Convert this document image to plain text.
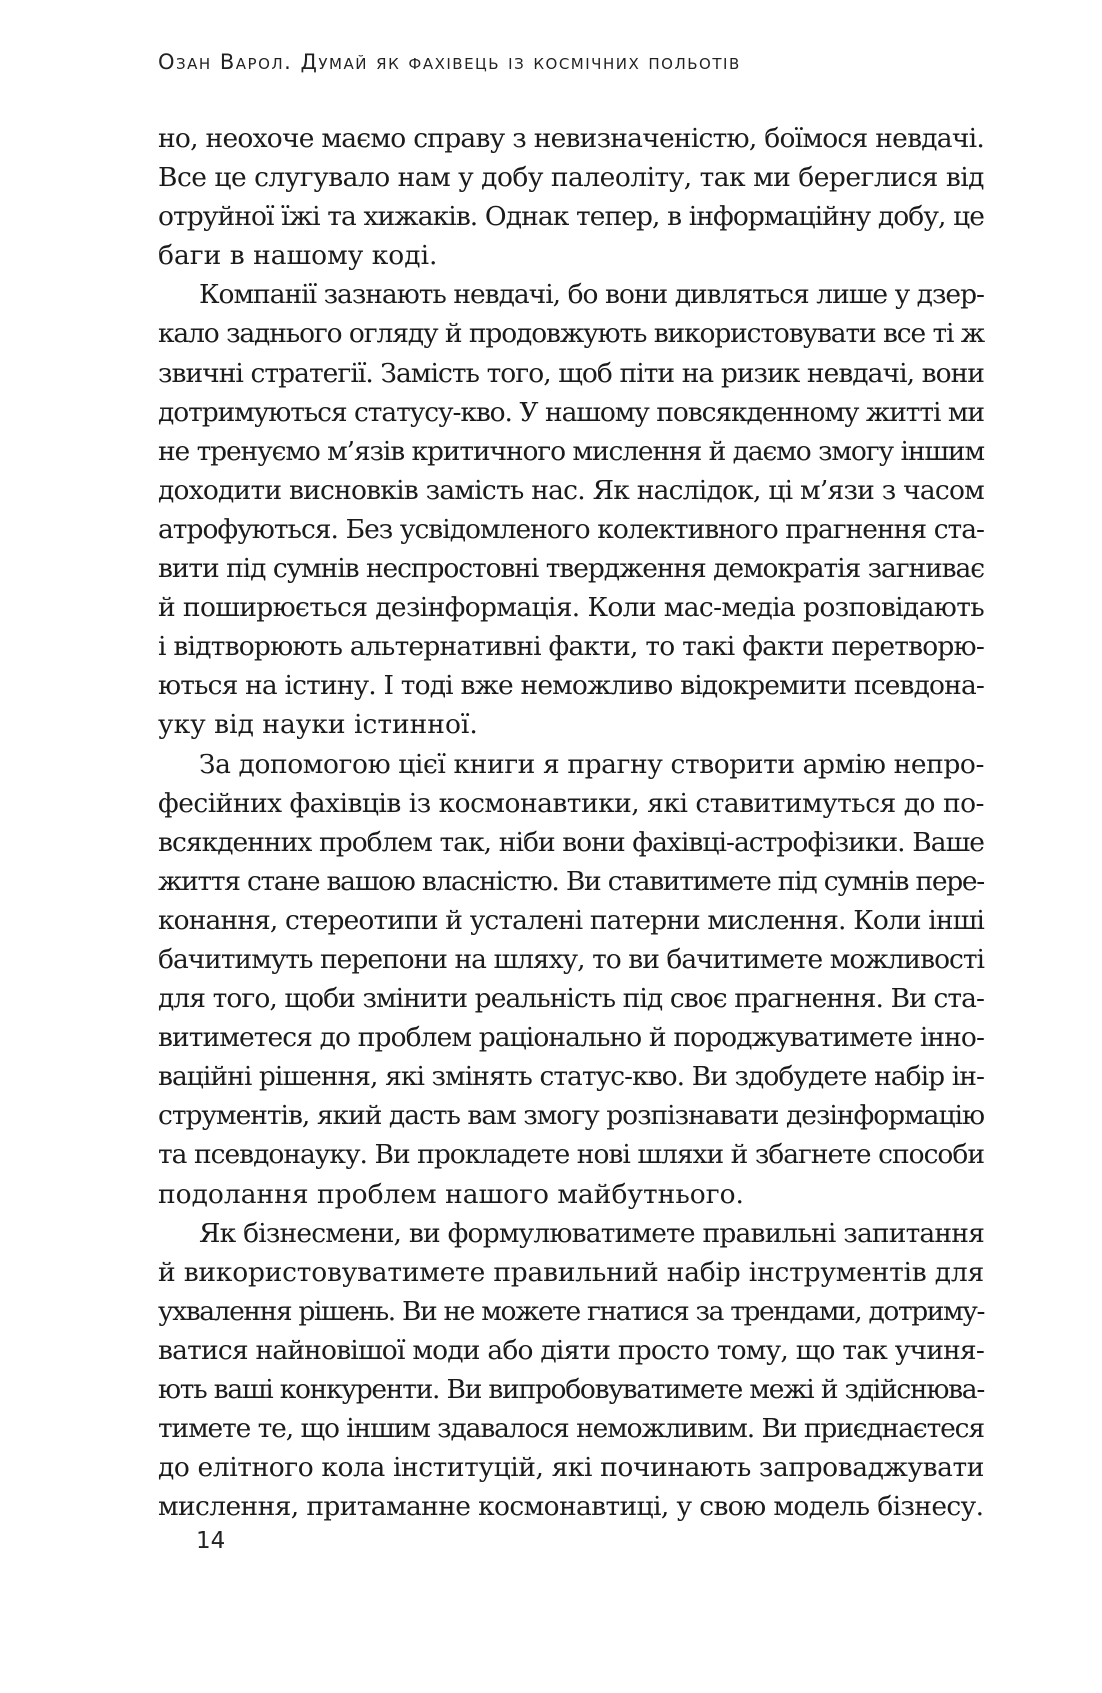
Озан Варол. Думай як фахівець із космічних польотів
но, неохоче маємо справу з невизначеністю, боїмося невдачі.
Все це слугувало нам у добу палеоліту, так ми береглися від
отруйної їжі та хижаків. Однак тепер, в інформаційну добу, це
баги в нашому коді.
Компанії зазнають невдачі, бо вони дивляться лише у дзер-
кало заднього огляду й продовжують використовувати все ті ж
звичні стратегії. Замість того, щоб піти на ризик невдачі, вони
дотримуються статусу-кво. У нашому повсякденному житті ми
не тренуємо м’язів критичного мислення й даємо змогу іншим
доходити висновків замість нас. Як наслідок, ці м’язи з часом
атрофуються. Без усвідомленого колективного прагнення ста-
вити під сумнів неспростовні твердження демократія загниває
й поширюється дезінформація. Коли мас-медіа розповідають
і відтворюють альтернативні факти, то такі факти перетворю-
ються на істину. І тоді вже неможливо відокремити псевдона-
уку від науки істинної.
За допомогою цієї книги я прагну створити армію непро-
фесійних фахівців із космонавтики, які ставитимуться до по-
всякденних проблем так, ніби вони фахівці-астрофізики. Ваше
життя стане вашою власністю. Ви ставитимете під сумнів пере-
конання, стереотипи й усталені патерни мислення. Коли інші
бачитимуть перепони на шляху, то ви бачитимете можливості
для того, щоби змінити реальність під своє прагнення. Ви ста-
витиметеся до проблем раціонально й породжуватимете інно-
ваційні рішення, які змінять статус-кво. Ви здобудете набір ін-
струментів, який дасть вам змогу розпізнавати дезінформацію
та псевдонауку. Ви прокладете нові шляхи й збагнете способи
подолання проблем нашого майбутнього.
Як бізнесмени, ви формулюватимете правильні запитання
й використовуватимете правильний набір інструментів для
ухвалення рішень. Ви не можете гнатися за трендами, дотриму-
ватися найновішої моди або діяти просто тому, що так учиня-
ють ваші конкуренти. Ви випробовуватимете межі й здійснюва-
тимете те, що іншим здавалося неможливим. Ви приєднаєтеся
до елітного кола інституцій, які починають запроваджувати
мислення, притаманне космонавтиці, у свою модель бізнесу.
14
